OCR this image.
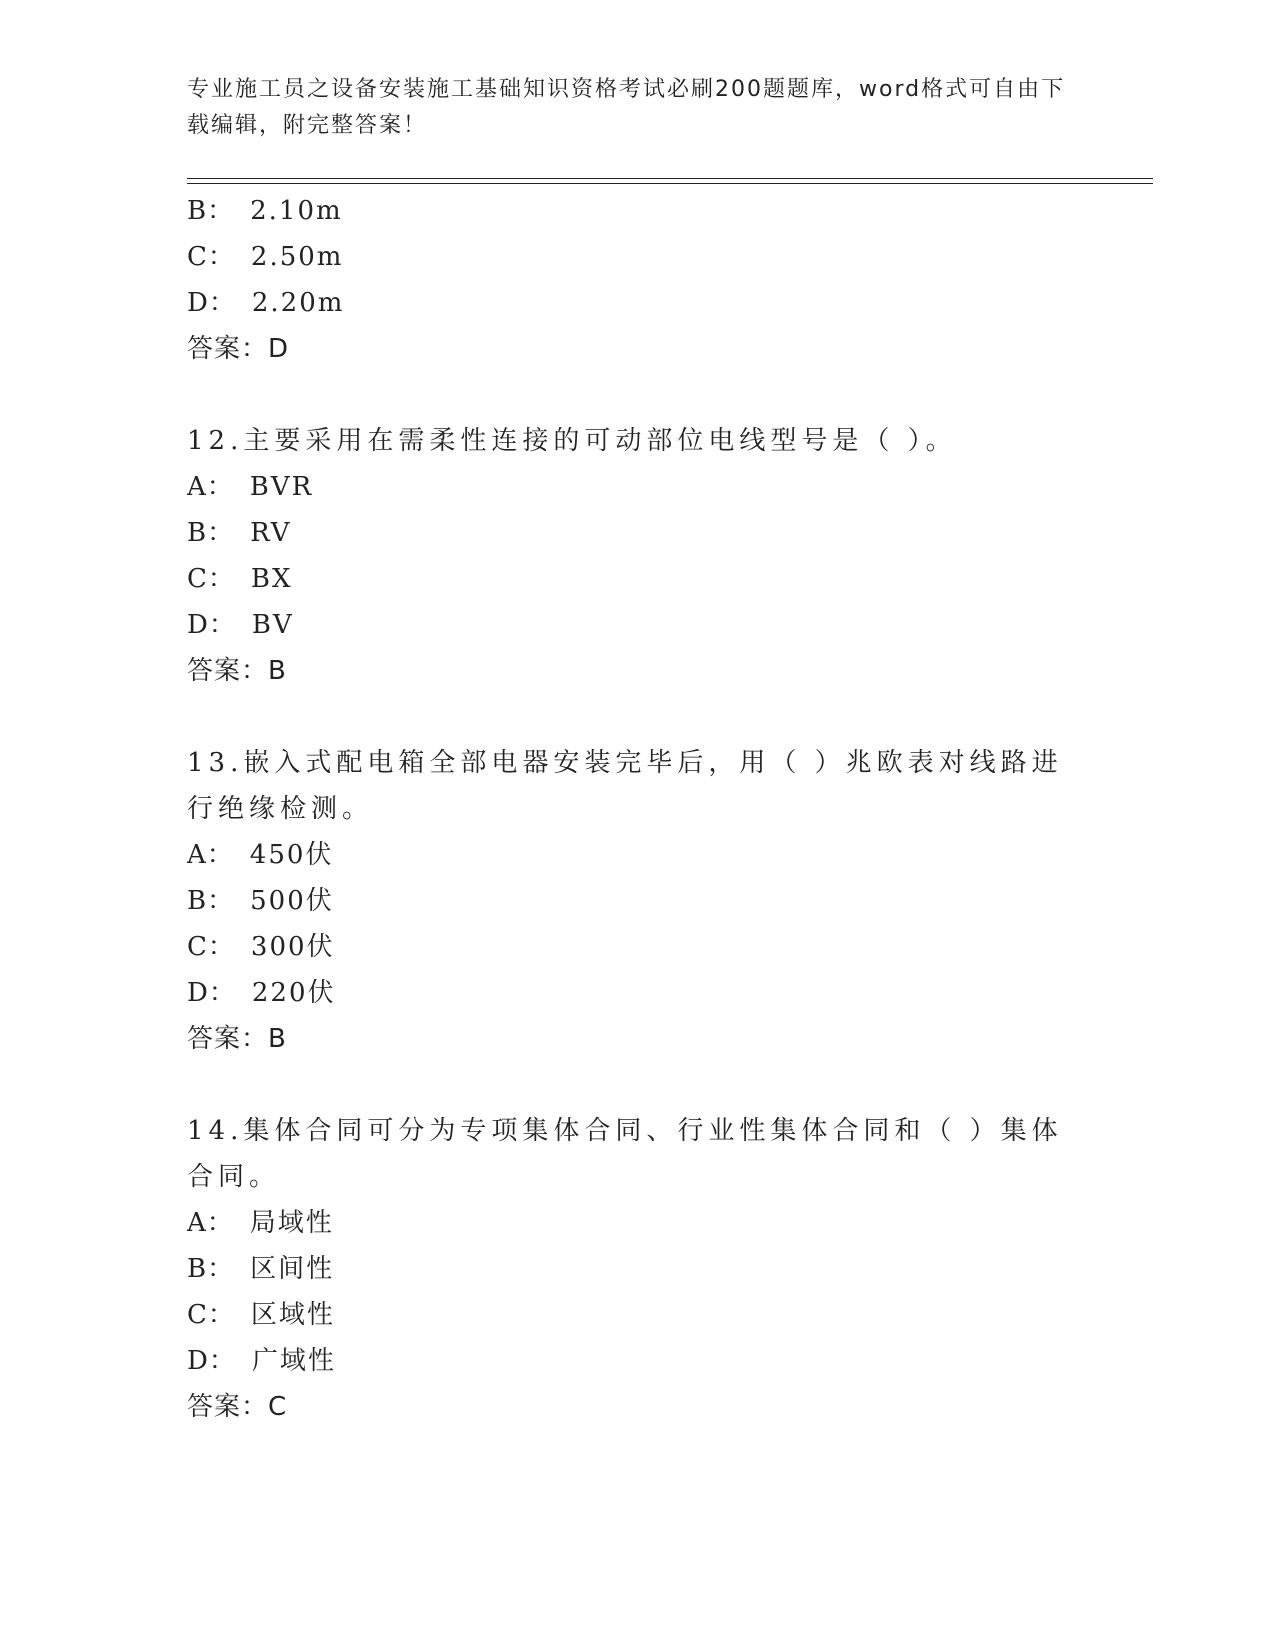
专业施工员之设备安装施工基础知识资格考试必刷200题题库，word格式可自由下载编辑，附完整答案！
B： 2.10m
C： 2.50m
D： 2.20m
答案：D
12.主要采用在需柔性连接的可动部位电线型号是（ ）。
A： BVR
B： RV
C： BX
D： BV
答案：B
13.嵌入式配电箱全部电器安装完毕后，用（ ）兆欧表对线路进行绝缘检测。
A： 450伏
B： 500伏
C： 300伏
D： 220伏
答案：B
14.集体合同可分为专项集体合同、行业性集体合同和（ ）集体合同。
A： 局域性
B： 区间性
C： 区域性
D： 广域性
答案：C
